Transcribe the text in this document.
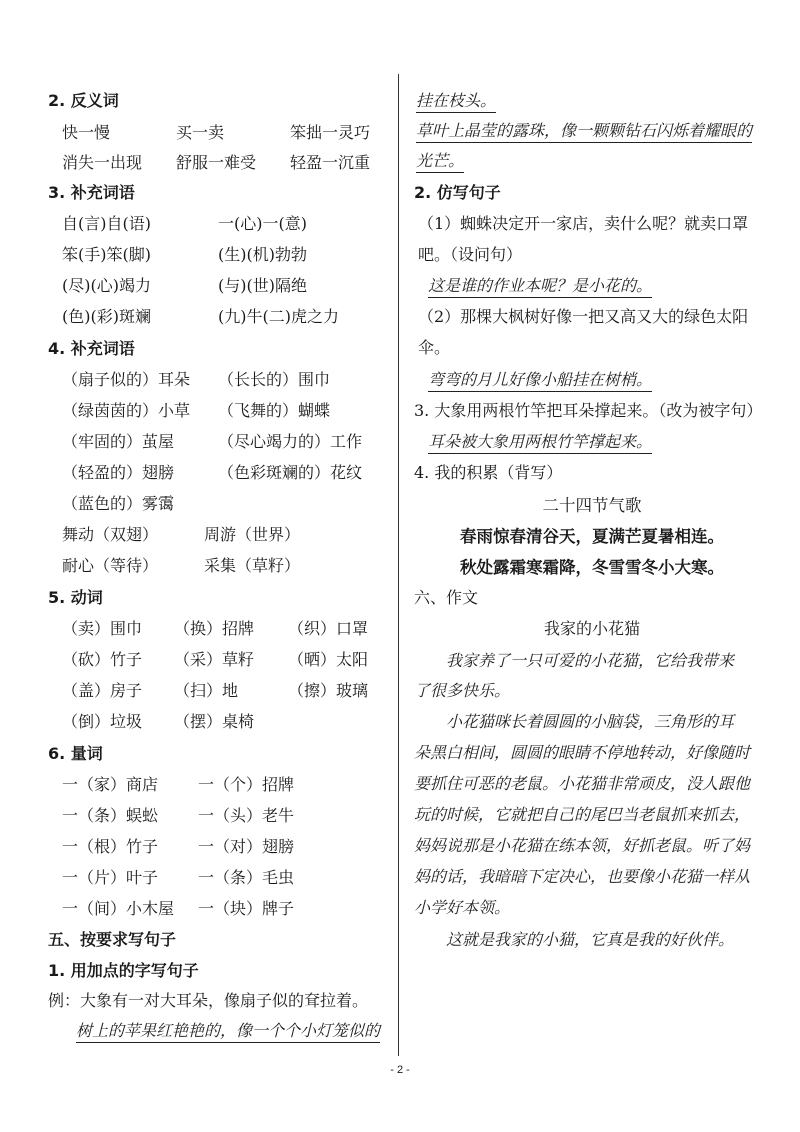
2. 反义词
快一慢	买一卖	笨拙一灵巧
消失一出现 舒服一难受 轻盈一沉重
3. 补充词语
自(言)自(语)	一(心)一(意)
笨(手)笨(脚)	(生)(机)勃勃
(尽)(心)竭力	(与)(世)隔绝
(色)(彩)斑斓	(九)牛(二)虎之力
4. 补充词语
（扇子似的）耳朵 （长长的）围巾
（绿茵茵的）小草 （飞舞的）蝴蝶
（牢固的）茧屋	（尽心竭力的）工作
（轻盈的）翅膀	（色彩斑斓的）花纹
（蓝色的）雾霭
舞动（双翅）	周游（世界）
耐心（等待）	采集（草籽）
5. 动词
（卖）围巾 （换）招牌 （织）口罩
（砍）竹子 （采）草籽 （晒）太阳
（盖）房子 （扫）地	（擦）玻璃
（倒）垃圾 （摆）桌椅
6. 量词
一（家）商店 一（个）招牌
一（条）蜈蚣 一（头）老牛
一（根）竹子 一（对）翅膀
一（片）叶子 一（条）毛虫
一（间）小木屋 一（块）牌子
五、按要求写句子
1. 用加点的字写句子
例：大象有一对大耳朵，像扇子似的耷拉着。
树上的苹果红艳艳的，像一个个小灯笼似的
挂在枝头。
草叶上晶莹的露珠，像一颗颗钻石闪烁着耀眼的
光芒。
2. 仿写句子
（1）蜘蛛决定开一家店，卖什么呢？就卖口罩
吧。（设问句）
这是谁的作业本呢？是小花的。
（2）那棵大枫树好像一把又高又大的绿色太阳
伞。
弯弯的月儿好像小船挂在树梢。
3. 大象用两根竹竿把耳朵撑起来。（改为被字句）
耳朵被大象用两根竹竿撑起来。
4. 我的积累（背写）
二十四节气歌
春雨惊春清谷天，夏满芒夏暑相连。
秋处露霜寒霜降，冬雪雪冬小大寒。
六、作文
我家的小花猫
我家养了一只可爱的小花猫，它给我带来
了很多快乐。
小花猫咪长着圆圆的小脑袋，三角形的耳
朵黑白相间，圆圆的眼睛不停地转动，好像随时
要抓住可恶的老鼠。小花猫非常顽皮，没人跟他
玩的时候，它就把自己的尾巴当老鼠抓来抓去，
妈妈说那是小花猫在练本领，好抓老鼠。听了妈
妈的话，我暗暗下定决心，也要像小花猫一样从
小学好本领。
这就是我家的小猫，它真是我的好伙伴。
- 2 -
